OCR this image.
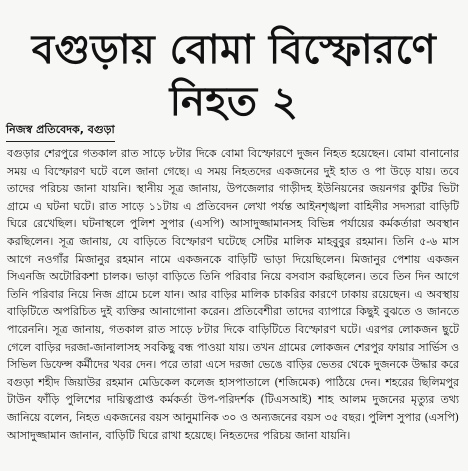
বগুড়ায় বোমা বিস্ফোরণে
নিহত ২
নিজস্ব প্রতিবেদক, বগুড়া

বগুড়ার শেরপুরে গতকাল রাত সাড়ে ৮টার দিকে বোমা বিস্ফোরণে দুজন নিহত হয়েছেন। বোমা বানানোর সময় এ বিস্ফোরণ ঘটে বলে জানা গেছে। এ সময় নিহতদের একজনের দুই হাত ও পা উড়ে যায়। তবে তাদের পরিচয় জানা যায়নি। স্থানীয় সূত্র জানায়, উপজেলার গাড়ীদহ ইউনিয়নের জয়নগর কুটির ভিটা গ্রামে এ ঘটনা ঘটে। রাত সাড়ে ১১টায় এ প্রতিবেদন লেখা পর্যন্ত আইনশৃঙ্খলা বাহিনীর সদস্যরা বাড়িটি ঘিরে রেখেছিল। ঘটনাস্থলে পুলিশ সুপার (এসপি) আসাদুজ্জামানসহ বিভিন্ন পর্যায়ের কর্মকর্তারা অবস্থান করছিলেন। সূত্র জানায়, যে বাড়িতে বিস্ফোরণ ঘটেছে সেটির মালিক মাহবুবুর রহমান। তিনি ৫-৬ মাস আগে নওগাঁর মিজানুর রহমান নামে একজনকে বাড়িটি ভাড়া দিয়েছিলেন। মিজানুর পেশায় একজন সিএনজি অটোরিকশা চালক। ভাড়া বাড়িতে তিনি পরিবার নিয়ে বসবাস করছিলেন। তবে তিন দিন আগে তিনি পরিবার নিয়ে নিজ গ্রামে চলে যান। আর বাড়ির মালিক চাকরির কারণে ঢাকায় রয়েছেন। এ অবস্থায় বাড়িটিতে অপরিচিত দুই ব্যক্তির আনাগোনা করেন। প্রতিবেশীরা তাদের ব্যাপারে কিছুই বুঝতে ও জানতে পারেননি। সূত্র জানায়, গতকাল রাত সাড়ে ৮টার দিকে বাড়িটিতে বিস্ফোরণ ঘটে। এরপর লোকজন ছুটে গেলে বাড়ির দরজা-জানালাসহ সবকিছু বন্ধ পাওয়া যায়। তখন গ্রামের লোকজন শেরপুর ফায়ার সার্ভিস ও সিভিল ডিফেন্স কর্মীদের খবর দেন। পরে তারা এসে দরজা ভেঙে বাড়ির ভেতর থেকে দুজনকে উদ্ধার করে বগুড়া শহীদ জিয়াউর রহমান মেডিকেল কলেজ হাসপাতালে (শজিমেক) পাঠিয়ে দেন। শহরের ছিলিমপুর টাউন ফাঁড়ি পুলিশের দায়িত্বপ্রাপ্ত কর্মকর্তা উপ-পরিদর্শক (টিএসআই) শাহ আলম দুজনের মৃত্যুর তথ্য জানিয়ে বলেন, নিহত একজনের বয়স আনুমানিক ৩০ ও অন্যজনের বয়স ৩৫ বছর। পুলিশ সুপার (এসপি) আসাদুজ্জামান জানান, বাড়িটি ঘিরে রাখা হয়েছে। নিহতদের পরিচয় জানা যায়নি।
